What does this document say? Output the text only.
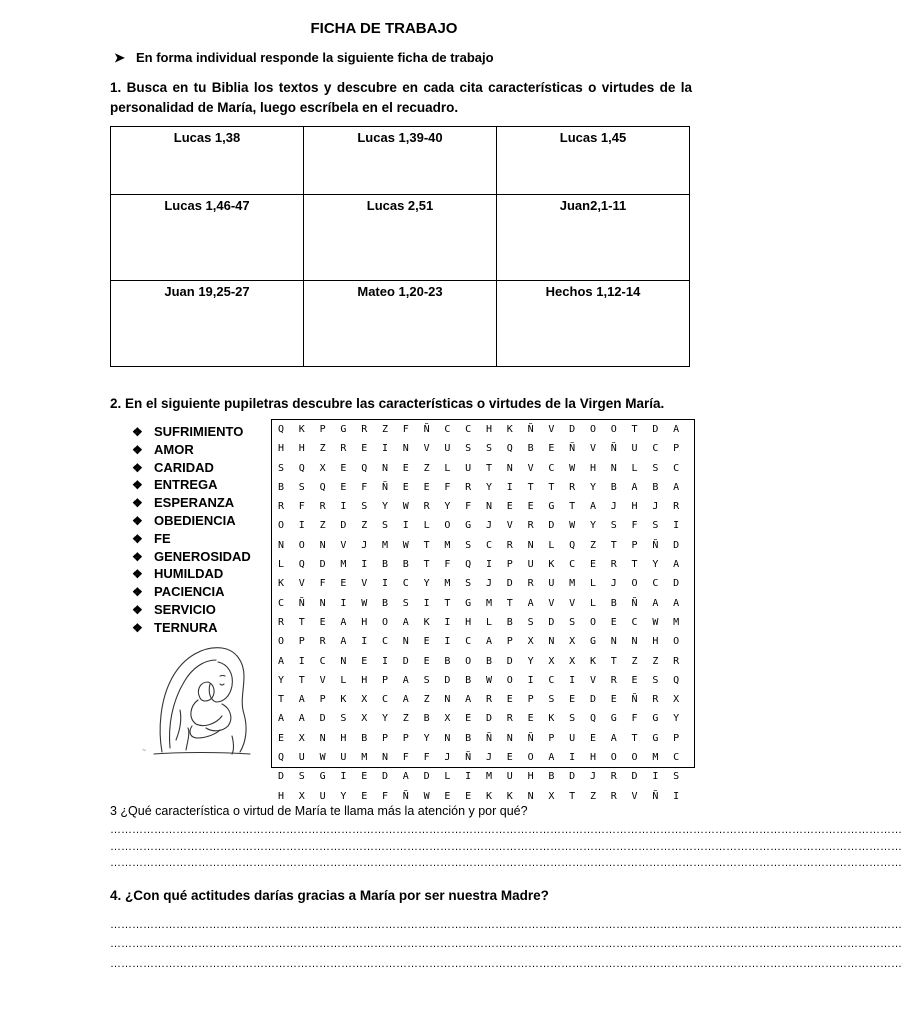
FICHA DE TRABAJO
➤ En forma individual responde la siguiente ficha de trabajo
1. Busca en tu Biblia los textos y descubre en cada cita características o virtudes de la personalidad de María, luego escríbela en el recuadro.
Lucas 1,38	Lucas 1,39-40	Lucas 1,45
Lucas 1,46-47	Lucas 2,51	Juan2,1-11
Juan 19,25-27	Mateo 1,20-23	Hechos 1,12-14
2. En el siguiente pupiletras descubre las características o virtudes de la Virgen María.
❖ SUFRIMIENTO
❖ AMOR
❖ CARIDAD
❖ ENTREGA
❖ ESPERANZA
❖ OBEDIENCIA
❖ FE
❖ GENEROSIDAD
❖ HUMILDAD
❖ PACIENCIA
❖ SERVICIO
❖ TERNURA
Q	K	P	G	R	Z	F	Ñ	C	C	H	K	Ñ	V	D	O	O	T	D	A
H	H	Z	R	E	I	N	V	U	S	S	Q	B	E	Ñ	V	Ñ	U	C	P
S	Q	X	E	Q	N	E	Z	L	U	T	N	V	C	W	H	N	L	S	C
B	S	Q	E	F	Ñ	E	E	F	R	Y	I	T	T	R	Y	B	A	B	A
R	F	R	I	S	Y	W	R	Y	F	N	E	E	G	T	A	J	H	J	R
O	I	Z	D	Z	S	I	L	O	G	J	V	R	D	W	Y	S	F	S	I
N	O	N	V	J	M	W	T	M	S	C	R	N	L	Q	Z	T	P	Ñ	D
L	Q	D	M	I	B	B	T	F	Q	I	P	U	K	C	E	R	T	Y	A
K	V	F	E	V	I	C	Y	M	S	J	D	R	U	M	L	J	O	C	D
C	Ñ	N	I	W	B	S	I	T	G	M	T	A	V	V	L	B	Ñ	A	A
R	T	E	A	H	O	A	K	I	H	L	B	S	D	S	O	E	C	W	M
O	P	R	A	I	C	N	E	I	C	A	P	X	N	X	G	N	N	H	O
A	I	C	N	E	I	D	E	B	O	B	D	Y	X	X	K	T	Z	Z	R
Y	T	V	L	H	P	A	S	D	B	W	O	I	C	I	V	R	E	S	Q
T	A	P	K	X	C	A	Z	N	A	R	E	P	S	E	D	E	Ñ	R	X
A	A	D	S	X	Y	Z	B	X	E	D	R	E	K	S	Q	G	F	G	Y
E	X	N	H	B	P	P	Y	N	B	Ñ	N	Ñ	P	U	E	A	T	G	P
Q	U	W	U	M	N	F	F	J	Ñ	J	E	O	A	I	H	O	O	M	C
D	S	G	I	E	D	A	D	L	I	M	U	H	B	D	J	R	D	I	S
H	X	U	Y	E	F	Ñ	W	E	E	K	K	N	X	T	Z	R	V	Ñ	I
~
3 ¿Qué característica o virtud de María te llama más la atención y por qué?
………………………………………………………………………………………………………………………………………………………………………………………………
………………………………………………………………………………………………………………………………………………………………………………………………
………………………………………………………………………………………………………………………………………………………………………………………………
4. ¿Con qué actitudes darías gracias a María por ser nuestra Madre?
………………………………………………………………………………………………………………………………………………………………………………………………
………………………………………………………………………………………………………………………………………………………………………………………………
………………………………………………………………………………………………………………………………………………………………………………………………
